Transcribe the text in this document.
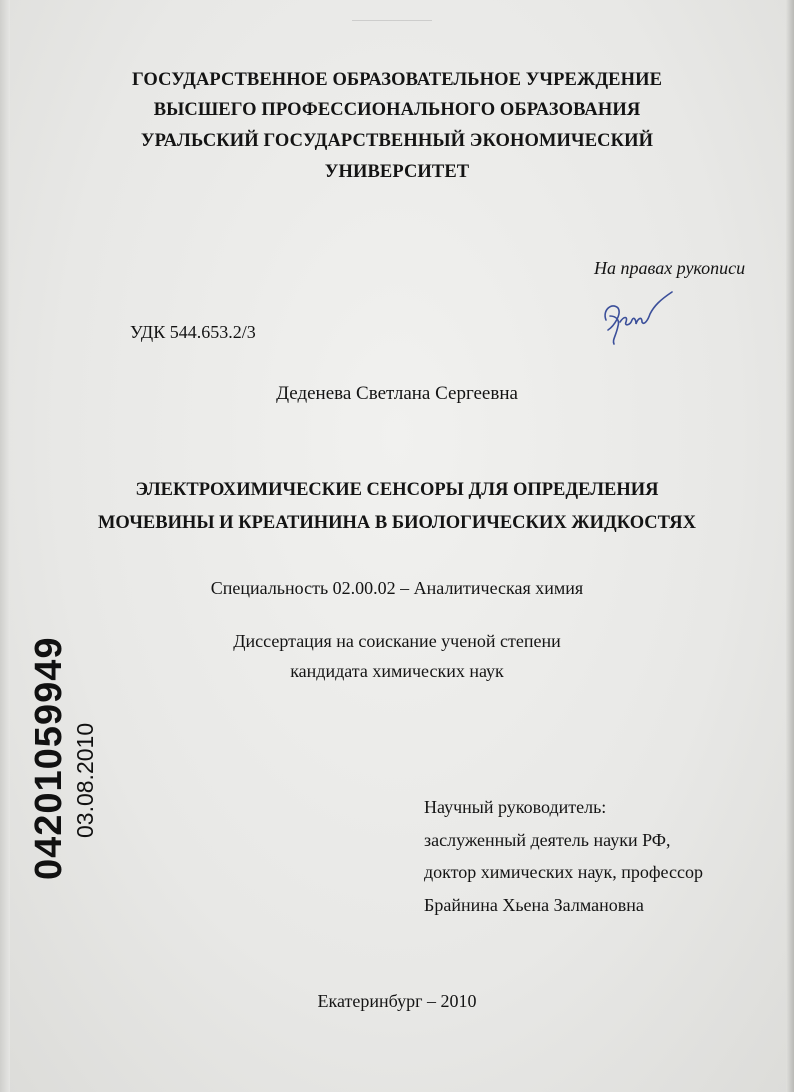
ГОСУДАРСТВЕННОЕ ОБРАЗОВАТЕЛЬНОЕ УЧРЕЖДЕНИЕ
ВЫСШЕГО ПРОФЕССИОНАЛЬНОГО ОБРАЗОВАНИЯ
УРАЛЬСКИЙ ГОСУДАРСТВЕННЫЙ ЭКОНОМИЧЕСКИЙ
УНИВЕРСИТЕТ
На правах рукописи
УДК 544.653.2/3
Деденева Светлана Сергеевна
ЭЛЕКТРОХИМИЧЕСКИЕ СЕНСОРЫ ДЛЯ ОПРЕДЕЛЕНИЯ
МОЧЕВИНЫ И КРЕАТИНИНА В БИОЛОГИЧЕСКИХ ЖИДКОСТЯХ
Специальность 02.00.02 – Аналитическая химия
Диссертация на соискание ученой степени
кандидата химических наук
Научный руководитель:
заслуженный деятель науки РФ,
доктор химических наук, профессор
Брайнина Хьена Залмановна
Екатеринбург – 2010
04201059949 03.08.2010
